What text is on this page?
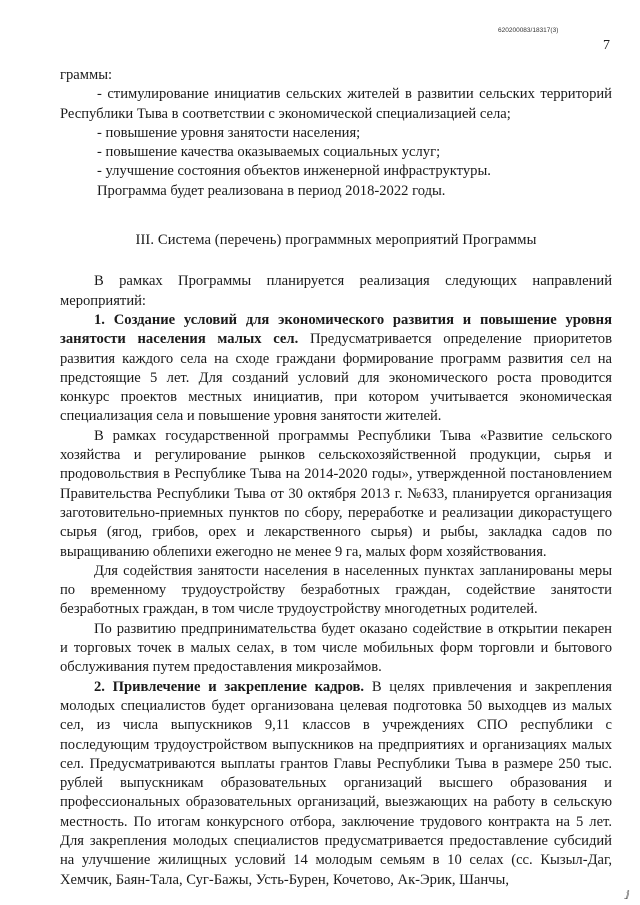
620200083/18317(3)
7

граммы:

- стимулирование инициатив сельских жителей в развитии сельских территорий Республики Тыва в соответствии с экономической специализацией села;

- повышение уровня занятости населения;

- повышение качества оказываемых социальных услуг;

- улучшение состояния объектов инженерной инфраструктуры.

Программа будет реализована в период 2018-2022 годы.

III. Система (перечень) программных мероприятий Программы

В рамках Программы планируется реализация следующих направлений мероприятий:

1. Создание условий для экономического развития и повышение уровня занятости населения малых сел. Предусматривается определение приоритетов развития каждого села на сходе граждани формирование программ развития сел на предстоящие 5 лет. Для созданий условий для экономического роста проводится конкурс проектов местных инициатив, при котором учитывается экономическая специализация села и повышение уровня занятости жителей.

В рамках государственной программы Республики Тыва «Развитие сельского хозяйства и регулирование рынков сельскохозяйственной продукции, сырья и продовольствия в Республике Тыва на 2014-2020 годы», утвержденной постановлением Правительства Республики Тыва от 30 октября 2013 г. №633, планируется организация заготовительно-приемных пунктов по сбору, переработке и реализации дикорастущего сырья (ягод, грибов, орех и лекарственного сырья) и рыбы, закладка садов по выращиванию облепихи ежегодно не менее 9 га, малых форм хозяйствования.

Для содействия занятости населения в населенных пунктах запланированы меры по временному трудоустройству безработных граждан, содействие занятости безработных граждан, в том числе трудоустройству многодетных родителей.

По развитию предпринимательства будет оказано содействие в открытии пекарен и торговых точек в малых селах, в том числе мобильных форм торговли и бытового обслуживания путем предоставления микрозаймов.

2. Привлечение и закрепление кадров. В целях привлечения и закрепления молодых специалистов будет организована целевая подготовка 50 выходцев из малых сел, из числа выпускников 9,11 классов в учреждениях СПО республики с последующим трудоустройством выпускников на предприятиях и организациях малых сел. Предусматриваются выплаты грантов Главы Республики Тыва в размере 250 тыс. рублей выпускникам образовательных организаций высшего образования и профессиональных образовательных организаций, выезжающих на работу в сельскую местность. По итогам конкурсного отбора, заключение трудового контракта на 5 лет. Для закрепления молодых специалистов предусматривается предоставление субсидий на улучшение жилищных условий 14 молодым семьям в 10 селах (сс. Кызыл-Даг, Хемчик, Баян-Тала, Суг-Бажы, Усть-Бурен, Кочетово, Ак-Эрик, Шанчы,

ⅉ
